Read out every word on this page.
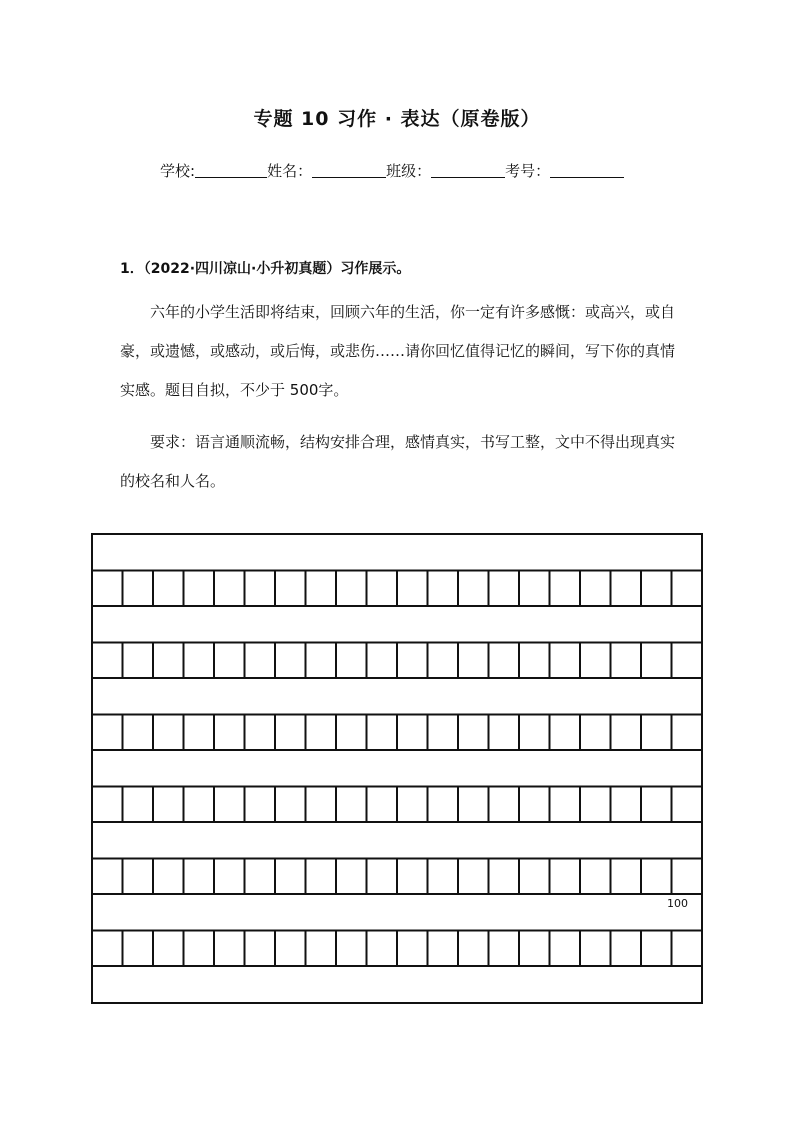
专题 10 习作 · 表达（原卷版）
学校:	姓名：	班级：	考号：
1．（2022·四川凉山·小升初真题）习作展示。
六年的小学生活即将结束，回顾六年的生活，你一定有许多感慨：或高兴，或自豪，或遗憾，或感动，或后悔，或悲伤……请你回忆值得记忆的瞬间，写下你的真情实感。题目自拟，不少于 500字。
要求：语言通顺流畅，结构安排合理，感情真实，书写工整，文中不得出现真实的校名和人名。
100
